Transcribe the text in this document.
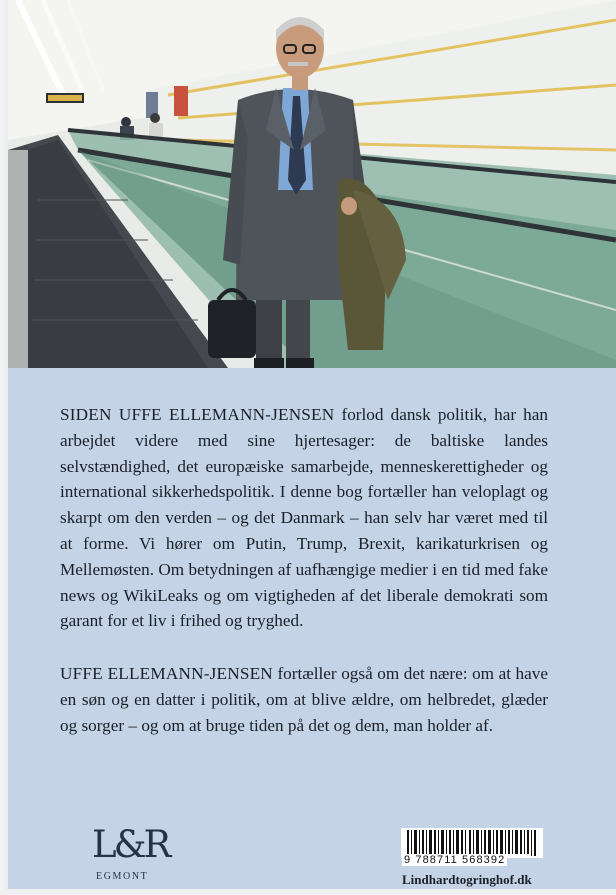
SIDEN UFFE ELLEMANN-JENSEN forlod dansk politik, har han arbejdet videre med sine hjertesager: de baltiske landes selvstændighed, det europæiske samarbejde, menneskerettigheder og international sikkerhedspolitik. I denne bog fortæller han veloplagt og skarpt om den verden – og det Danmark – han selv har været med til at forme. Vi hører om Putin, Trump, Brexit, karikaturkrisen og Mellemøsten. Om betydningen af uafhængige medier i en tid med fake news og WikiLeaks og om vigtigheden af det liberale demokrati som garant for et liv i frihed og tryghed.

UFFE ELLEMANN-JENSEN fortæller også om det nære: om at have en søn og en datter i politik, om at blive ældre, om helbredet, glæder og sorger – og om at bruge tiden på det og dem, man holder af.

L&R
EGMONT
9 788711 568392
Lindhardtogringhof.dk
